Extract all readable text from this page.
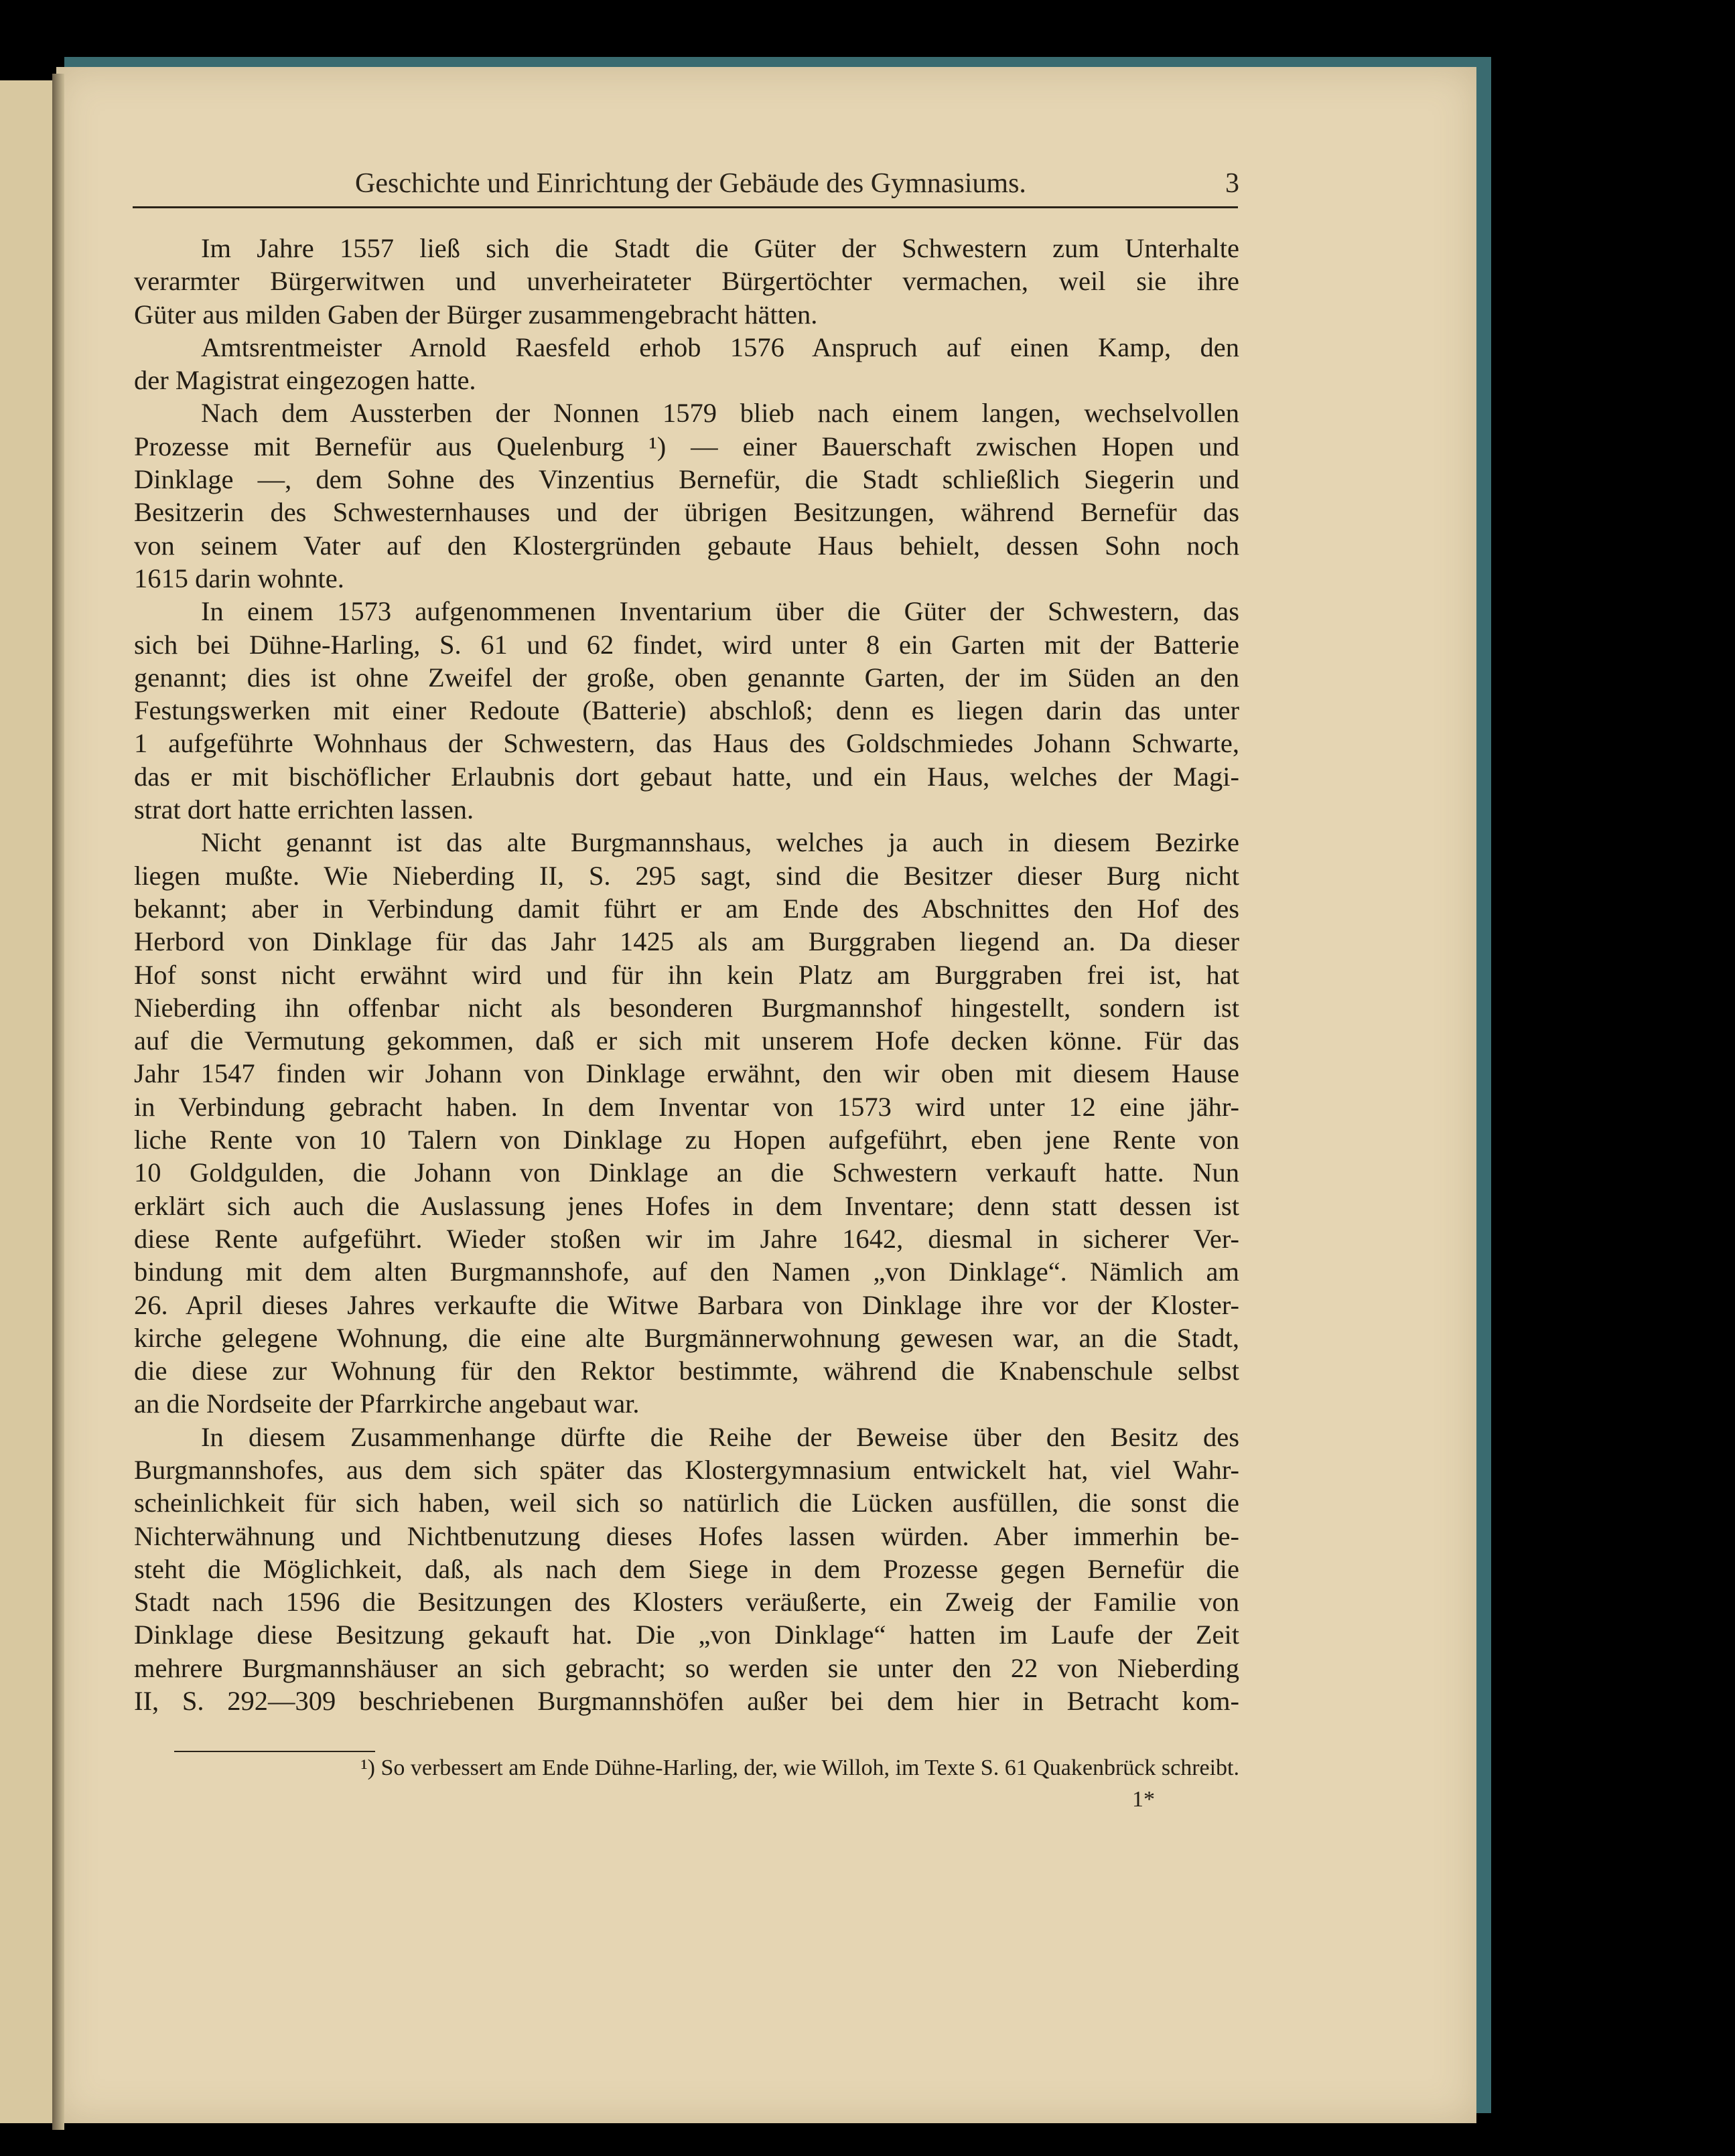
Geschichte und Einrichtung der Gebäude des Gymnasiums.	3
Im Jahre 1557 ließ sich die Stadt die Güter der Schwestern zum Unterhalte
verarmter Bürgerwitwen und unverheirateter Bürgertöchter vermachen, weil sie ihre
Güter aus milden Gaben der Bürger zusammengebracht hätten.
Amtsrentmeister Arnold Raesfeld erhob 1576 Anspruch auf einen Kamp, den
der Magistrat eingezogen hatte.
Nach dem Aussterben der Nonnen 1579 blieb nach einem langen, wechselvollen
Prozesse mit Bernefür aus Quelenburg ¹) — einer Bauerschaft zwischen Hopen und
Dinklage —, dem Sohne des Vinzentius Bernefür, die Stadt schließlich Siegerin und
Besitzerin des Schwesternhauses und der übrigen Besitzungen, während Bernefür das
von seinem Vater auf den Klostergründen gebaute Haus behielt, dessen Sohn noch
1615 darin wohnte.
In einem 1573 aufgenommenen Inventarium über die Güter der Schwestern, das
sich bei Dühne-Harling, S. 61 und 62 findet, wird unter 8 ein Garten mit der Batterie
genannt; dies ist ohne Zweifel der große, oben genannte Garten, der im Süden an den
Festungswerken mit einer Redoute (Batterie) abschloß; denn es liegen darin das unter
1 aufgeführte Wohnhaus der Schwestern, das Haus des Goldschmiedes Johann Schwarte,
das er mit bischöflicher Erlaubnis dort gebaut hatte, und ein Haus, welches der Magi-
strat dort hatte errichten lassen.
Nicht genannt ist das alte Burgmannshaus, welches ja auch in diesem Bezirke
liegen mußte. Wie Nieberding II, S. 295 sagt, sind die Besitzer dieser Burg nicht
bekannt; aber in Verbindung damit führt er am Ende des Abschnittes den Hof des
Herbord von Dinklage für das Jahr 1425 als am Burggraben liegend an. Da dieser
Hof sonst nicht erwähnt wird und für ihn kein Platz am Burggraben frei ist, hat
Nieberding ihn offenbar nicht als besonderen Burgmannshof hingestellt, sondern ist
auf die Vermutung gekommen, daß er sich mit unserem Hofe decken könne. Für das
Jahr 1547 finden wir Johann von Dinklage erwähnt, den wir oben mit diesem Hause
in Verbindung gebracht haben. In dem Inventar von 1573 wird unter 12 eine jähr-
liche Rente von 10 Talern von Dinklage zu Hopen aufgeführt, eben jene Rente von
10 Goldgulden, die Johann von Dinklage an die Schwestern verkauft hatte. Nun
erklärt sich auch die Auslassung jenes Hofes in dem Inventare; denn statt dessen ist
diese Rente aufgeführt. Wieder stoßen wir im Jahre 1642, diesmal in sicherer Ver-
bindung mit dem alten Burgmannshofe, auf den Namen „von Dinklage“. Nämlich am
26. April dieses Jahres verkaufte die Witwe Barbara von Dinklage ihre vor der Kloster-
kirche gelegene Wohnung, die eine alte Burgmännerwohnung gewesen war, an die Stadt,
die diese zur Wohnung für den Rektor bestimmte, während die Knabenschule selbst
an die Nordseite der Pfarrkirche angebaut war.
In diesem Zusammenhange dürfte die Reihe der Beweise über den Besitz des
Burgmannshofes, aus dem sich später das Klostergymnasium entwickelt hat, viel Wahr-
scheinlichkeit für sich haben, weil sich so natürlich die Lücken ausfüllen, die sonst die
Nichterwähnung und Nichtbenutzung dieses Hofes lassen würden. Aber immerhin be-
steht die Möglichkeit, daß, als nach dem Siege in dem Prozesse gegen Bernefür die
Stadt nach 1596 die Besitzungen des Klosters veräußerte, ein Zweig der Familie von
Dinklage diese Besitzung gekauft hat. Die „von Dinklage“ hatten im Laufe der Zeit
mehrere Burgmannshäuser an sich gebracht; so werden sie unter den 22 von Nieberding
II, S. 292—309 beschriebenen Burgmannshöfen außer bei dem hier in Betracht kom-
¹) So verbessert am Ende Dühne-Harling, der, wie Willoh, im Texte S. 61 Quakenbrück schreibt.
1*
